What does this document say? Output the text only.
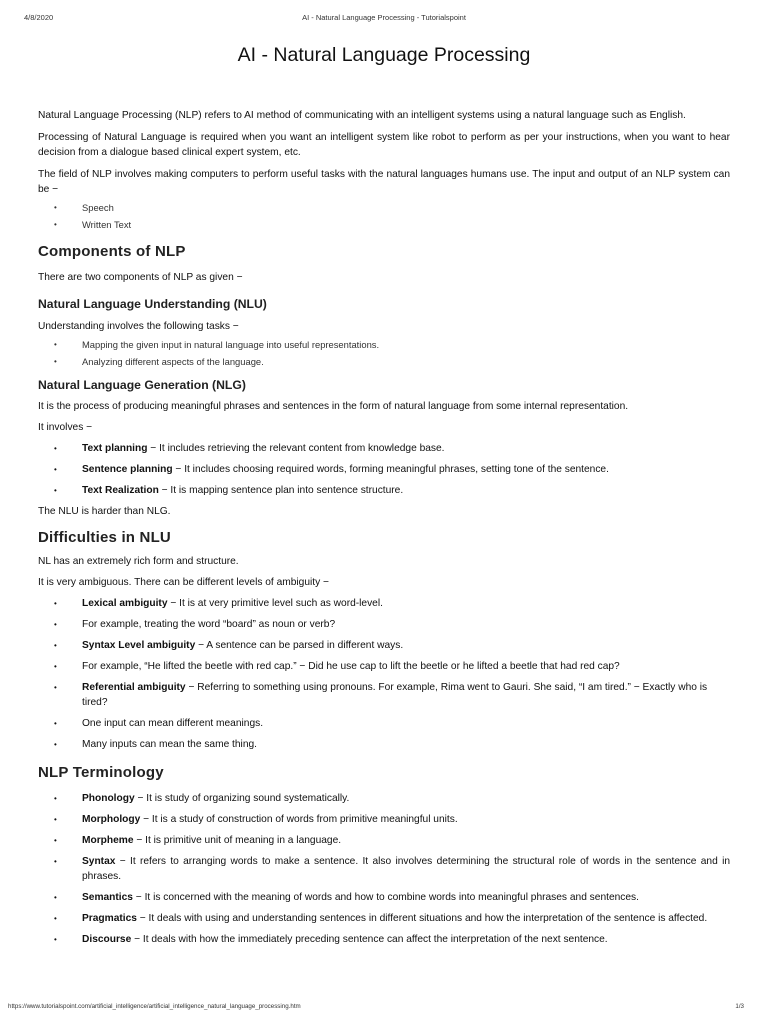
4/8/2020	AI - Natural Language Processing - Tutorialspoint
AI - Natural Language Processing

Natural Language Processing (NLP) refers to AI method of communicating with an intelligent systems using a natural language such as English.

Processing of Natural Language is required when you want an intelligent system like robot to perform as per your instructions, when you want to hear decision from a dialogue based clinical expert system, etc.

The field of NLP involves making computers to perform useful tasks with the natural languages humans use. The input and output of an NLP system can be −

• Speech
• Written Text
Components of NLP

There are two components of NLP as given −

Natural Language Understanding (NLU)

Understanding involves the following tasks −

• Mapping the given input in natural language into useful representations.
• Analyzing different aspects of the language.
Natural Language Generation (NLG)

It is the process of producing meaningful phrases and sentences in the form of natural language from some internal representation.

It involves −

• Text planning − It includes retrieving the relevant content from knowledge base.
• Sentence planning − It includes choosing required words, forming meaningful phrases, setting tone of the sentence.
• Text Realization − It is mapping sentence plan into sentence structure.

The NLU is harder than NLG.

Difficulties in NLU

NL has an extremely rich form and structure.

It is very ambiguous. There can be different levels of ambiguity −

• Lexical ambiguity − It is at very primitive level such as word-level.
• For example, treating the word “board” as noun or verb?
• Syntax Level ambiguity − A sentence can be parsed in different ways.
• For example, “He lifted the beetle with red cap.” − Did he use cap to lift the beetle or he lifted a beetle that had red cap?
• Referential ambiguity − Referring to something using pronouns. For example, Rima went to Gauri. She said, “I am tired.” − Exactly who is tired?
• One input can mean different meanings.
• Many inputs can mean the same thing.
NLP Terminology
• Phonology − It is study of organizing sound systematically.
• Morphology − It is a study of construction of words from primitive meaningful units.
• Morpheme − It is primitive unit of meaning in a language.
• Syntax − It refers to arranging words to make a sentence. It also involves determining the structural role of words in the sentence and in phrases.
• Semantics − It is concerned with the meaning of words and how to combine words into meaningful phrases and sentences.
• Pragmatics − It deals with using and understanding sentences in different situations and how the interpretation of the sentence is affected.
• Discourse − It deals with how the immediately preceding sentence can affect the interpretation of the next sentence.
https://www.tutorialspoint.com/artificial_intelligence/artificial_intelligence_natural_language_processing.htm	1/3
